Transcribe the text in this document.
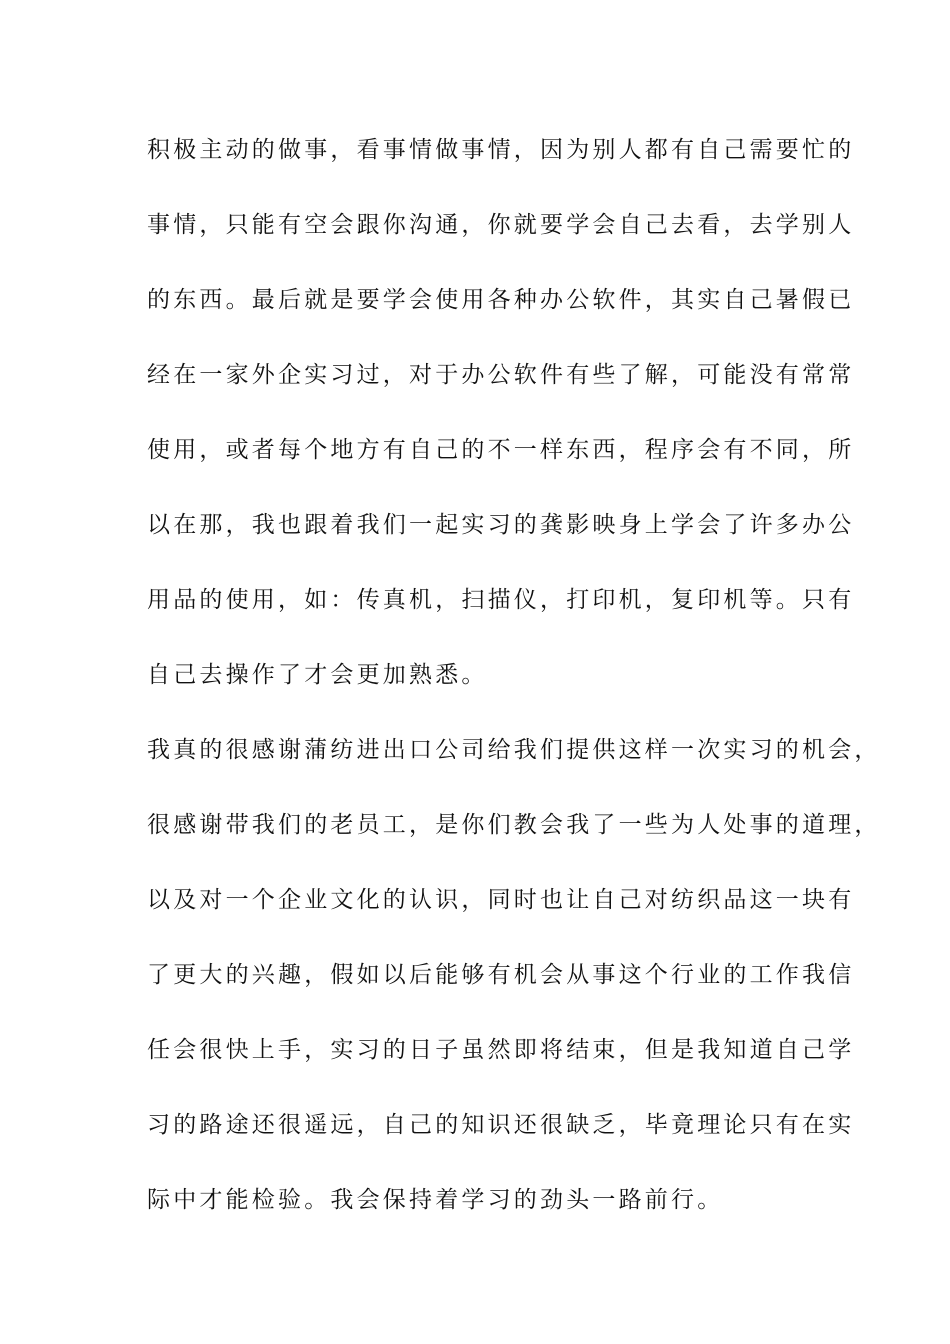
积极主动的做事，看事情做事情，因为别人都有自己需要忙的
事情，只能有空会跟你沟通，你就要学会自己去看，去学别人
的东西。最后就是要学会使用各种办公软件，其实自己暑假已
经在一家外企实习过，对于办公软件有些了解，可能没有常常
使用，或者每个地方有自己的不一样东西，程序会有不同，所
以在那，我也跟着我们一起实习的龚影映身上学会了许多办公
用品的使用，如：传真机，扫描仪，打印机，复印机等。只有
自己去操作了才会更加熟悉。
我真的很感谢蒲纺进出口公司给我们提供这样一次实习的机会，
很感谢带我们的老员工，是你们教会我了一些为人处事的道理，
以及对一个企业文化的认识，同时也让自己对纺织品这一块有
了更大的兴趣，假如以后能够有机会从事这个行业的工作我信
任会很快上手，实习的日子虽然即将结束，但是我知道自己学
习的路途还很遥远，自己的知识还很缺乏，毕竟理论只有在实
际中才能检验。我会保持着学习的劲头一路前行。
